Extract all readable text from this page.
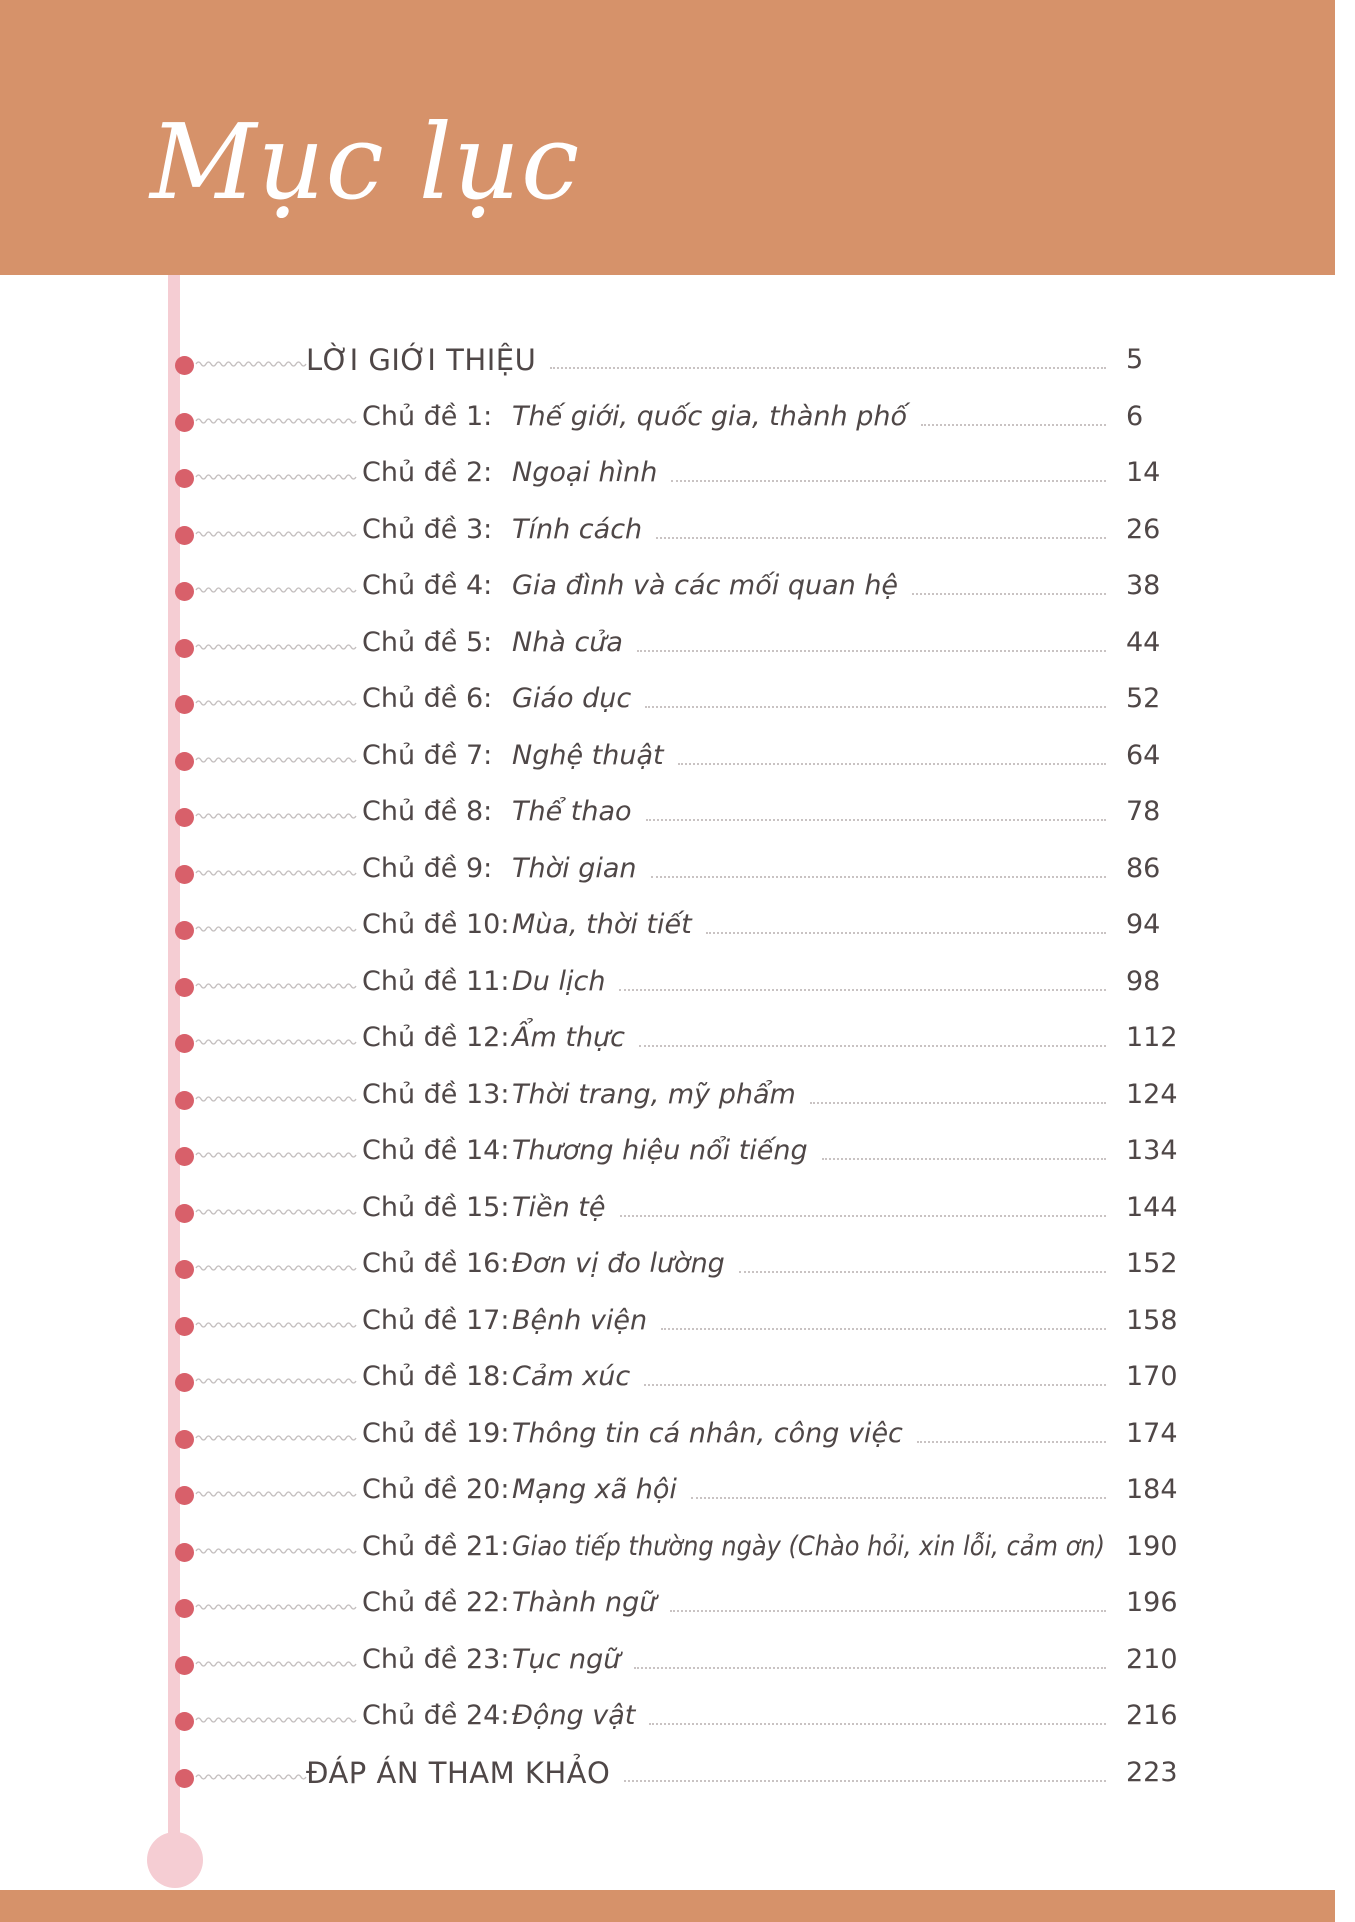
Mục lục
LỜI GIỚI THIỆU	5
Chủ đề 1: Thế giới, quốc gia, thành phố	6
Chủ đề 2: Ngoại hình	14
Chủ đề 3: Tính cách	26
Chủ đề 4: Gia đình và các mối quan hệ	38
Chủ đề 5: Nhà cửa	44
Chủ đề 6: Giáo dục	52
Chủ đề 7: Nghệ thuật	64
Chủ đề 8: Thể thao	78
Chủ đề 9: Thời gian	86
Chủ đề 10: Mùa, thời tiết	94
Chủ đề 11: Du lịch	98
Chủ đề 12: Ẩm thực	112
Chủ đề 13: Thời trang, mỹ phẩm	124
Chủ đề 14: Thương hiệu nổi tiếng	134
Chủ đề 15: Tiền tệ	144
Chủ đề 16: Đơn vị đo lường	152
Chủ đề 17: Bệnh viện	158
Chủ đề 18: Cảm xúc	170
Chủ đề 19: Thông tin cá nhân, công việc	174
Chủ đề 20: Mạng xã hội	184
Chủ đề 21: Giao tiếp thường ngày (Chào hỏi, xin lỗi, cảm ơn) 190
Chủ đề 22: Thành ngữ	196
Chủ đề 23: Tục ngữ	210
Chủ đề 24: Động vật	216
ĐÁP ÁN THAM KHẢO	223
